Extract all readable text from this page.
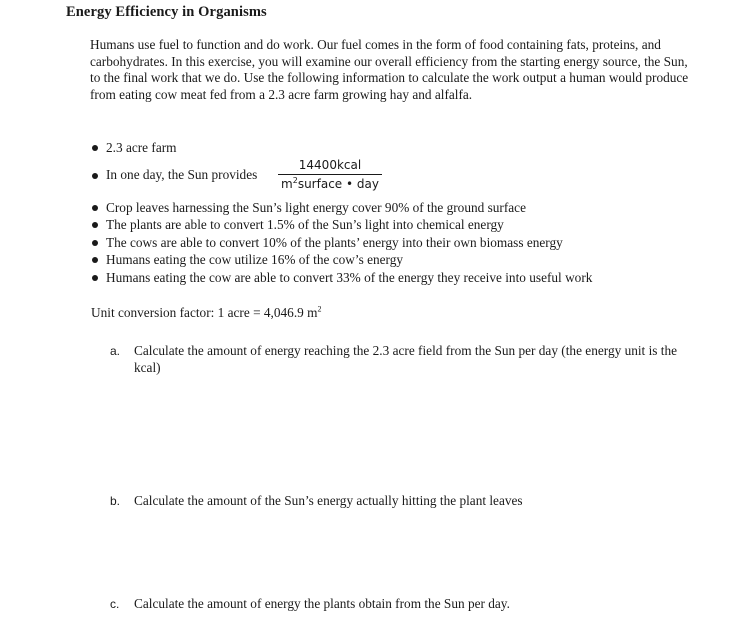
Energy Efficiency in Organisms
Humans use fuel to function and do work. Our fuel comes in the form of food containing fats, proteins, and carbohydrates. In this exercise, you will examine our overall efficiency from the starting energy source, the Sun, to the final work that we do. Use the following information to calculate the work output a human would produce from eating cow meat fed from a 2.3 acre farm growing hay and alfalfa.
2.3 acre farm
In one day, the Sun provides
14400kcal
$m^2surface$ • day
Crop leaves harnessing the Sun’s light energy cover 90% of the ground surface
The plants are able to convert 1.5% of the Sun’s light into chemical energy
The cows are able to convert 10% of the plants’ energy into their own biomass energy
Humans eating the cow utilize 16% of the cow’s energy
Humans eating the cow are able to convert 33% of the energy they receive into useful work
Unit conversion factor: 1 acre = 4,046.9 $m^2$
a. Calculate the amount of energy reaching the 2.3 acre field from the Sun per day (the energy unit is the kcal)
b. Calculate the amount of the Sun’s energy actually hitting the plant leaves
c. Calculate the amount of energy the plants obtain from the Sun per day.
